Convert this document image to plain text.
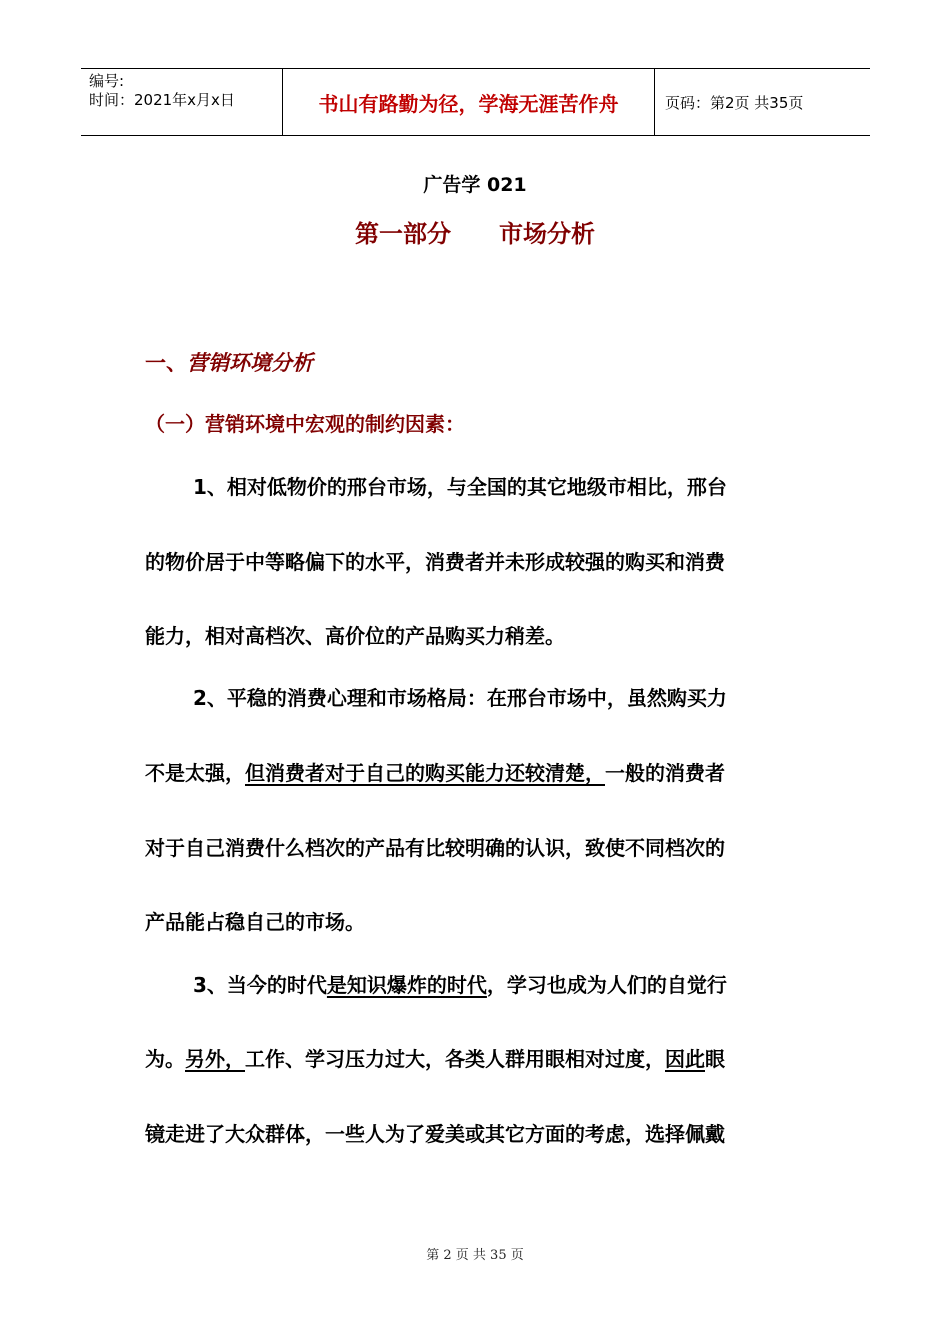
编号:
时间：2021年x月x日	书山有路勤为径，学海无涯苦作舟	页码：第2页 共35页
广告学 021
第一部分　　市场分析
一、营销环境分析
（一）营销环境中宏观的制约因素：
1、相对低物价的邢台市场，与全国的其它地级市相比，邢台
的物价居于中等略偏下的水平，消费者并未形成较强的购买和消费
能力，相对高档次、高价位的产品购买力稍差。
2、平稳的消费心理和市场格局：在邢台市场中，虽然购买力
不是太强，但消费者对于自己的购买能力还较清楚，一般的消费者
对于自己消费什么档次的产品有比较明确的认识，致使不同档次的
产品能占稳自己的市场。
3、当今的时代是知识爆炸的时代，学习也成为人们的自觉行
为。另外，工作、学习压力过大，各类人群用眼相对过度，因此眼
镜走进了大众群体，一些人为了爱美或其它方面的考虑，选择佩戴
第 2 页 共 35 页
